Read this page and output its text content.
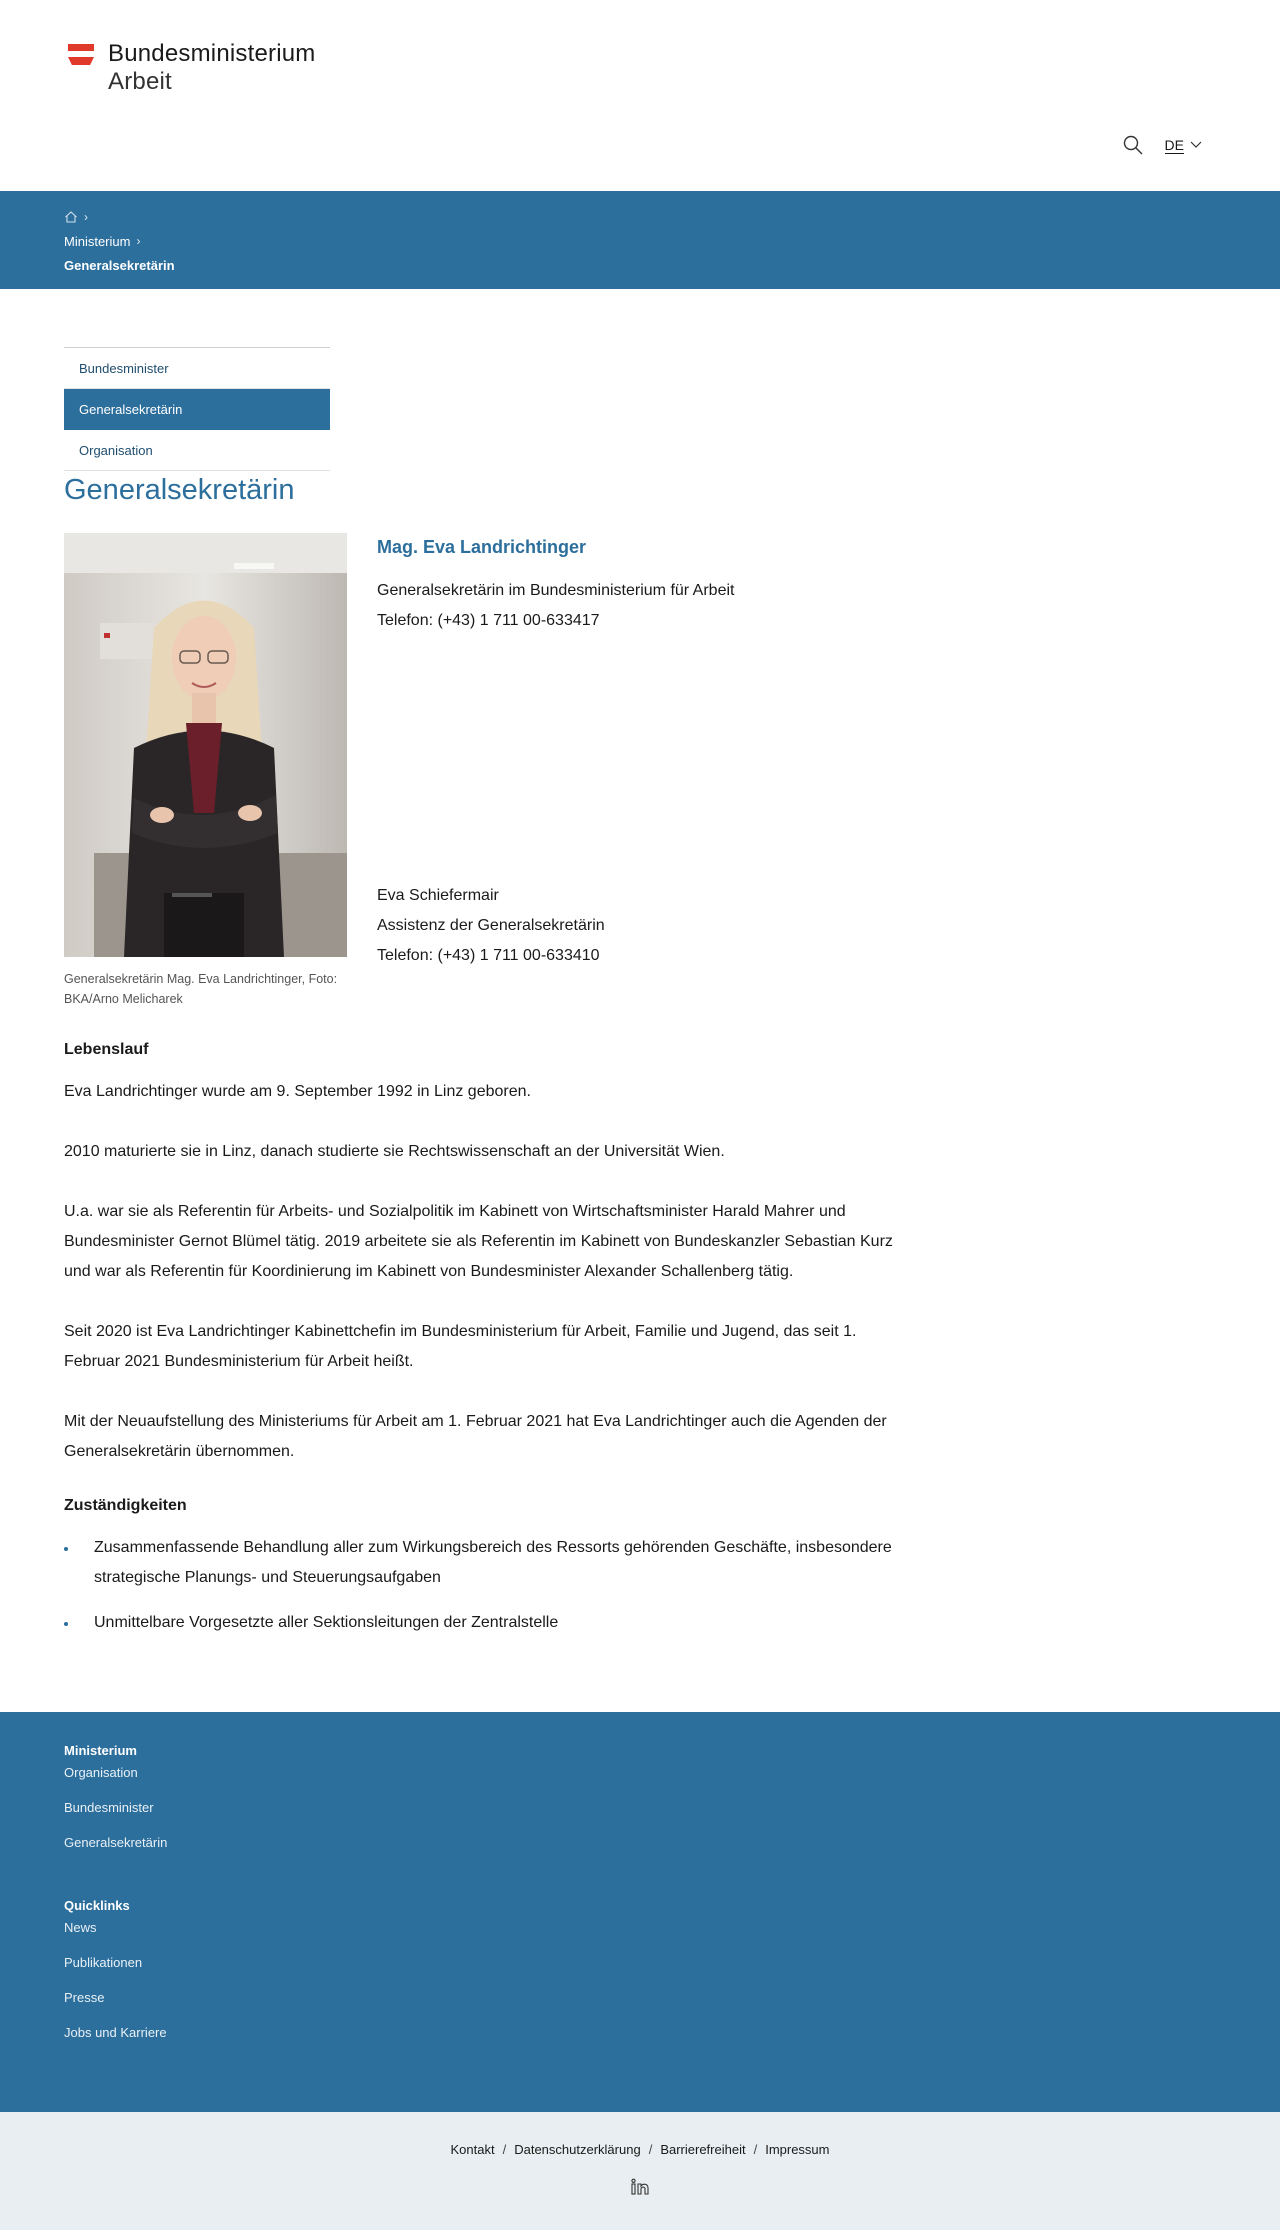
Bundesministerium
Arbeit
DE
›
Ministerium ›
Generalsekretärin
Bundesminister
Generalsekretärin
Organisation
Generalsekretärin

Generalsekretärin Mag. Eva Landrichtinger, Foto: BKA/Arno Melicharek

Mag. Eva Landrichtinger
Generalsekretärin im Bundesministerium für Arbeit
Telefon: (+43) 1 711 00-633417
Eva Schiefermair
Assistenz der Generalsekretärin
Telefon: (+43) 1 711 00-633410
Lebenslauf

Eva Landrichtinger wurde am 9. September 1992 in Linz geboren.

2010 maturierte sie in Linz, danach studierte sie Rechtswissenschaft an der Universität Wien.

U.a. war sie als Referentin für Arbeits- und Sozialpolitik im Kabinett von Wirtschaftsminister Harald Mahrer und Bundesminister Gernot Blümel tätig. 2019 arbeitete sie als Referentin im Kabinett von Bundeskanzler Sebastian Kurz und war als Referentin für Koordinierung im Kabinett von Bundesminister Alexander Schallenberg tätig.

Seit 2020 ist Eva Landrichtinger Kabinettchefin im Bundesministerium für Arbeit, Familie und Jugend, das seit 1. Februar 2021 Bundesministerium für Arbeit heißt.

Mit der Neuaufstellung des Ministeriums für Arbeit am 1. Februar 2021 hat Eva Landrichtinger auch die Agenden der Generalsekretärin übernommen.

Zuständigkeiten
Zusammenfassende Behandlung aller zum Wirkungsbereich des Ressorts gehörenden Geschäfte, insbesondere strategische Planungs- und Steuerungsaufgaben
Unmittelbare Vorgesetzte aller Sektionsleitungen der Zentralstelle
Ministerium
Organisation
Bundesminister
Generalsekretärin
Quicklinks
News
Publikationen
Presse
Jobs und Karriere
Kontakt / Datenschutzerklärung / Barrierefreiheit / Impressum
